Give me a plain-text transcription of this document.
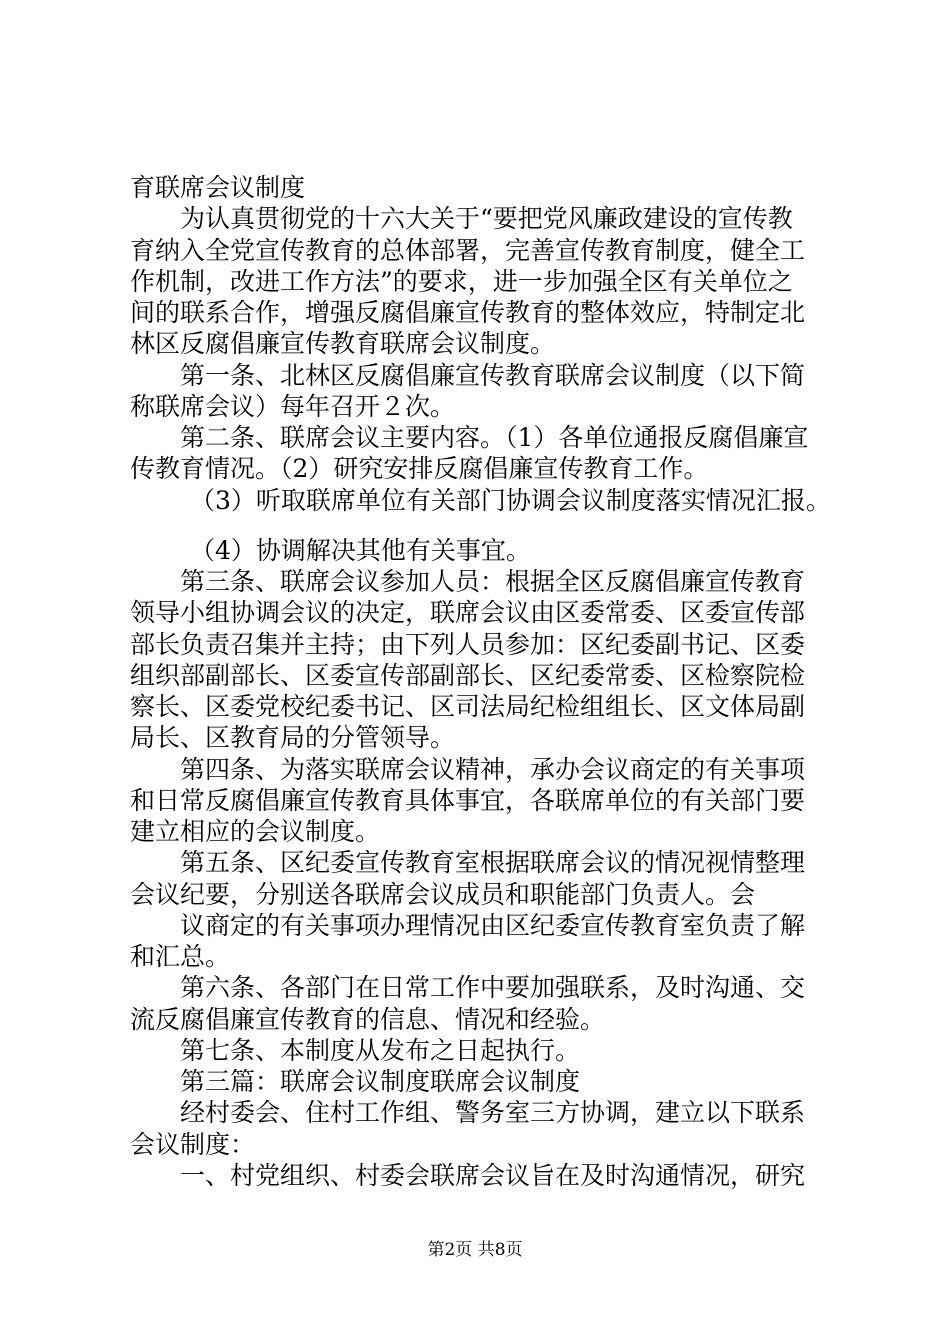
育联席会议制度
为认真贯彻党的十六大关于“要把党风廉政建设的宣传教
育纳入全党宣传教育的总体部署，完善宣传教育制度，健全工
作机制，改进工作方法”的要求，进一步加强全区有关单位之
间的联系合作，增强反腐倡廉宣传教育的整体效应，特制定北
林区反腐倡廉宣传教育联席会议制度。
第一条、北林区反腐倡廉宣传教育联席会议制度（以下简
称联席会议）每年召开２次。
第二条、联席会议主要内容。（1）各单位通报反腐倡廉宣
传教育情况。（2）研究安排反腐倡廉宣传教育工作。
（3）听取联席单位有关部门协调会议制度落实情况汇报。
（4）协调解决其他有关事宜。
第三条、联席会议参加人员：根据全区反腐倡廉宣传教育
领导小组协调会议的决定，联席会议由区委常委、区委宣传部
部长负责召集并主持；由下列人员参加：区纪委副书记、区委
组织部副部长、区委宣传部副部长、区纪委常委、区检察院检
察长、区委党校纪委书记、区司法局纪检组组长、区文体局副
局长、区教育局的分管领导。
第四条、为落实联席会议精神，承办会议商定的有关事项
和日常反腐倡廉宣传教育具体事宜，各联席单位的有关部门要
建立相应的会议制度。
第五条、区纪委宣传教育室根据联席会议的情况视情整理
会议纪要，分别送各联席会议成员和职能部门负责人。会
议商定的有关事项办理情况由区纪委宣传教育室负责了解
和汇总。
第六条、各部门在日常工作中要加强联系，及时沟通、交
流反腐倡廉宣传教育的信息、情况和经验。
第七条、本制度从发布之日起执行。
第三篇：联席会议制度联席会议制度
经村委会、住村工作组、警务室三方协调，建立以下联系
会议制度：
一、村党组织、村委会联席会议旨在及时沟通情况，研究
第2页 共8页
